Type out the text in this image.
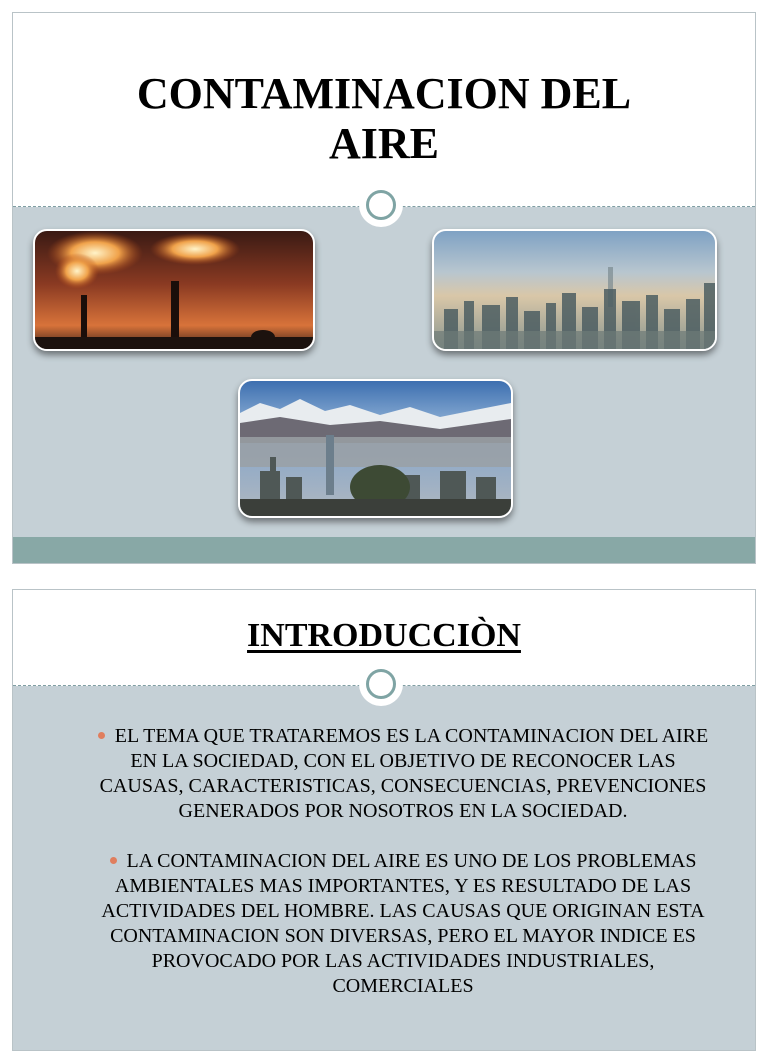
CONTAMINACION DEL
AIRE
INTRODUCCIÒN
EL TEMA QUE TRATAREMOS ES LA CONTAMINACION DEL AIRE EN LA SOCIEDAD, CON EL OBJETIVO DE RECONOCER LAS CAUSAS, CARACTERISTICAS, CONSECUENCIAS, PREVENCIONES GENERADOS POR NOSOTROS EN LA SOCIEDAD.
LA CONTAMINACION DEL AIRE ES UNO DE LOS PROBLEMAS AMBIENTALES MAS IMPORTANTES, Y ES RESULTADO DE LAS ACTIVIDADES DEL HOMBRE. LAS CAUSAS QUE ORIGINAN ESTA CONTAMINACION SON DIVERSAS, PERO EL MAYOR INDICE ES PROVOCADO POR LAS ACTIVIDADES INDUSTRIALES, COMERCIALES
